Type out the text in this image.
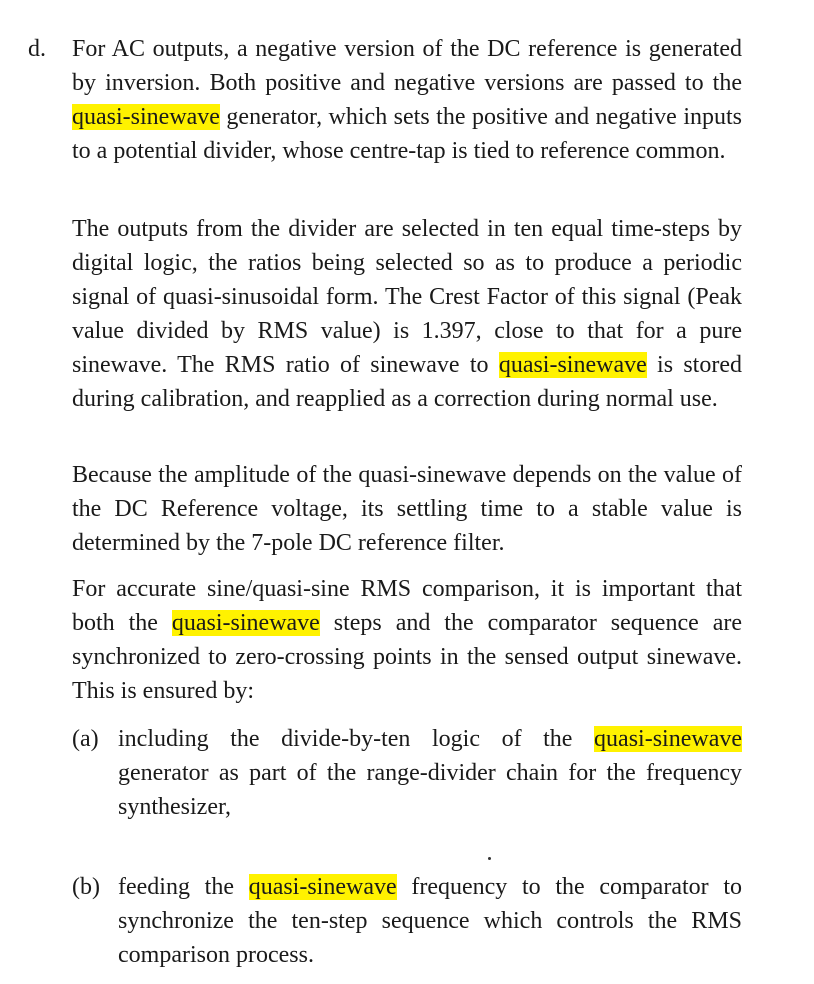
d. For AC outputs, a negative version of the DC reference is generated by inversion. Both positive and negative versions are passed to the quasi-sinewave generator, which sets the positive and negative inputs to a potential divider, whose centre-tap is tied to reference common.

The outputs from the divider are selected in ten equal time-steps by digital logic, the ratios being selected so as to produce a periodic signal of quasi-sinusoidal form. The Crest Factor of this signal (Peak value divided by RMS value) is 1.397, close to that for a pure sinewave. The RMS ratio of sinewave to quasi-sinewave is stored during calibration, and reapplied as a correction during normal use.

Because the amplitude of the quasi-sinewave depends on the value of the DC Reference voltage, its settling time to a stable value is determined by the 7-pole DC reference filter.

For accurate sine/quasi-sine RMS comparison, it is important that both the quasi-sinewave steps and the comparator sequence are synchronized to zero-crossing points in the sensed output sinewave. This is ensured by:

(a) including the divide-by-ten logic of the quasi-sinewave generator as part of the range-divider chain for the frequency synthesizer,

(b) feeding the quasi-sinewave frequency to the comparator to synchronize the ten-step sequence which controls the RMS comparison process.
